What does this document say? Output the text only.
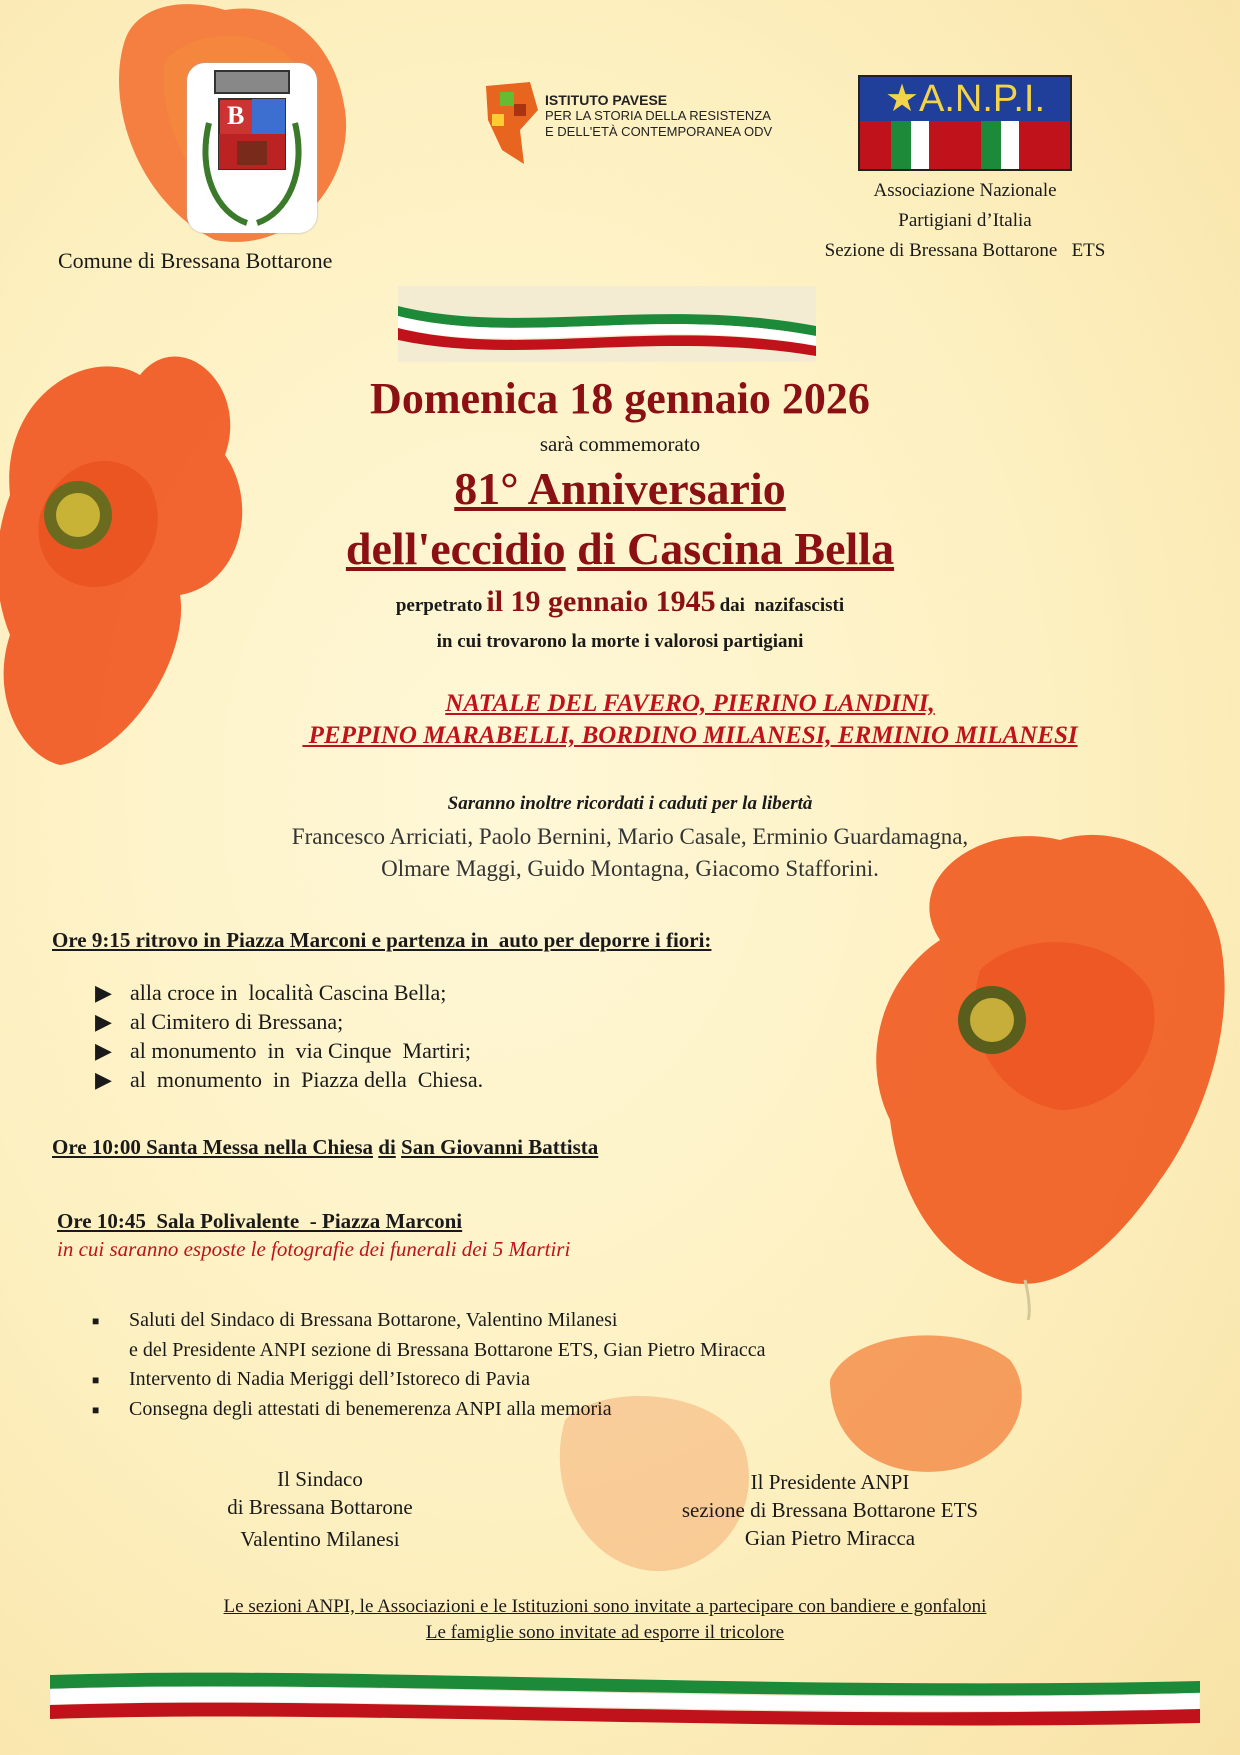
B
Comune di Bressana Bottarone
ISTITUTO PAVESE
PER LA STORIA DELLA RESISTENZA
E DELL'ETÀ CONTEMPORANEA ODV
★A.N.P.I.
Associazione Nazionale
Partigiani d’Italia
Sezione di Bressana Bottarone   ETS
Domenica 18 gennaio 2026
sarà commemorato
81° Anniversario
dell'eccidio di Cascina Bella
perpetrato il 19 gennaio 1945 dai  nazifascisti
in cui trovarono la morte i valorosi partigiani
NATALE DEL FAVERO, PIERINO LANDINI,
PEPPINO MARABELLI, BORDINO MILANESI, ERMINIO MILANESI
Saranno inoltre ricordati i caduti per la libertà
Francesco Arriciati, Paolo Bernini, Mario Casale, Erminio Guardamagna,
Olmare Maggi, Guido Montagna, Giacomo Stafforini.
Ore 9:15 ritrovo in Piazza Marconi e partenza in  auto per deporre i fiori:
▶ alla croce in  località Cascina Bella;
▶ al Cimitero di Bressana;
▶ al monumento  in  via Cinque  Martiri;
▶ al  monumento  in  Piazza della  Chiesa.
Ore 10:00 Santa Messa nella Chiesa di San Giovanni Battista
Ore 10:45  Sala Polivalente  - Piazza Marconi
in cui saranno esposte le fotografie dei funerali dei 5 Martiri
■ Saluti del Sindaco di Bressana Bottarone, Valentino Milanesi
e del Presidente ANPI sezione di Bressana Bottarone ETS, Gian Pietro Miracca
■ Intervento di Nadia Meriggi dell’Istoreco di Pavia
■ Consegna degli attestati di benemerenza ANPI alla memoria
Il Sindaco
di Bressana Bottarone
Valentino Milanesi
Il Presidente ANPI
sezione di Bressana Bottarone ETS
Gian Pietro Miracca
Le sezioni ANPI, le Associazioni e le Istituzioni sono invitate a partecipare con bandiere e gonfaloni
Le famiglie sono invitate ad esporre il tricolore
